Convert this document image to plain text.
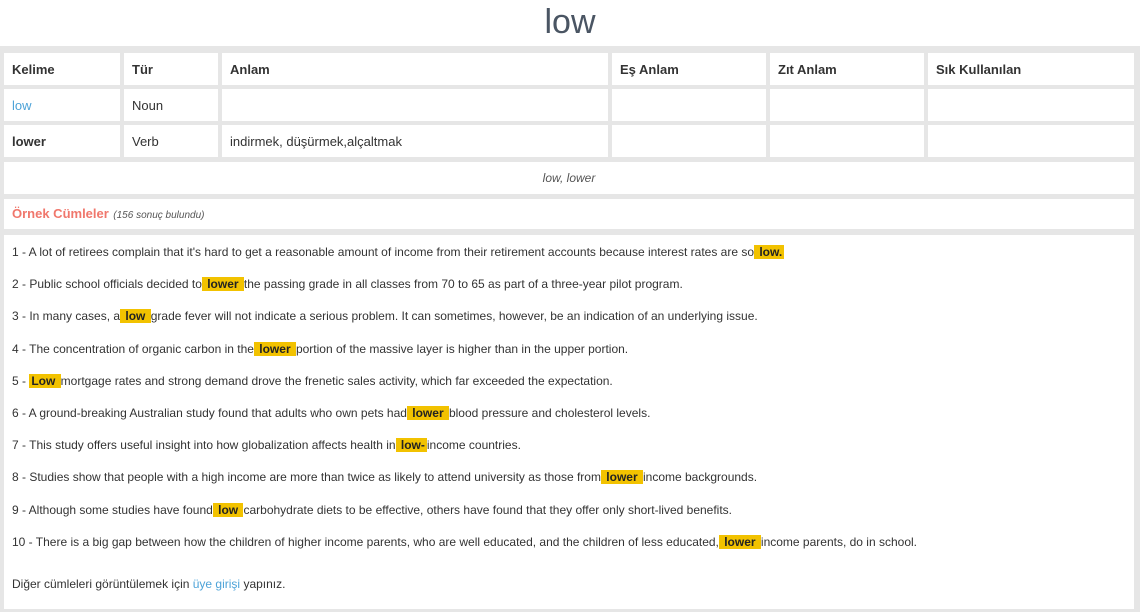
low
Kelime	Tür	Anlam	Eş Anlam	Zıt Anlam	Sık Kullanılan
low	Noun
lower	Verb	indirmek, düşürmek,alçaltmak
low, lower
Örnek Cümleler (156 sonuç bulundu)
1 - A lot of retirees complain that it's hard to get a reasonable amount of income from their retirement accounts because interest rates are so low.
2 - Public school officials decided to lower the passing grade in all classes from 70 to 65 as part of a three-year pilot program.
3 - In many cases, a low grade fever will not indicate a serious problem. It can sometimes, however, be an indication of an underlying issue.
4 - The concentration of organic carbon in the lower portion of the massive layer is higher than in the upper portion.
5 - Low mortgage rates and strong demand drove the frenetic sales activity, which far exceeded the expectation.
6 - A ground-breaking Australian study found that adults who own pets had lower blood pressure and cholesterol levels.
7 - This study offers useful insight into how globalization affects health in low- income countries.
8 - Studies show that people with a high income are more than twice as likely to attend university as those from lower income backgrounds.
9 - Although some studies have found low carbohydrate diets to be effective, others have found that they offer only short-lived benefits.
10 - There is a big gap between how the children of higher income parents, who are well educated, and the children of less educated, lower income parents, do in school.
Diğer cümleleri görüntülemek için üye girişi yapınız.
